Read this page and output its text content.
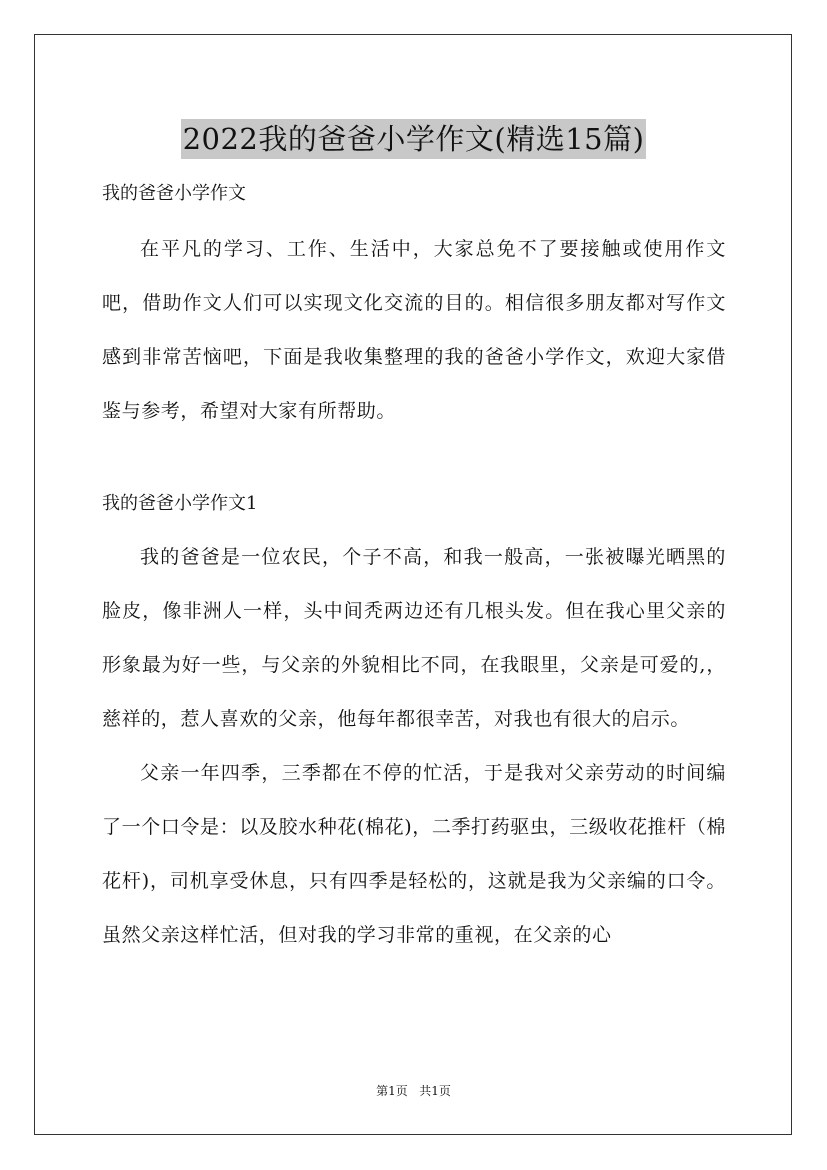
2022我的爸爸小学作文(精选15篇)

我的爸爸小学作文

在平凡的学习、工作、生活中，大家总免不了要接触或使用作文吧，借助作文人们可以实现文化交流的目的。相信很多朋友都对写作文感到非常苦恼吧，下面是我收集整理的我的爸爸小学作文，欢迎大家借鉴与参考，希望对大家有所帮助。

我的爸爸小学作文1

我的爸爸是一位农民，个子不高，和我一般高，一张被曝光晒黑的脸皮，像非洲人一样，头中间秃两边还有几根头发。但在我心里父亲的形象最为好一些，与父亲的外貌相比不同，在我眼里，父亲是可爱的,，慈祥的，惹人喜欢的父亲，他每年都很幸苦，对我也有很大的启示。

父亲一年四季，三季都在不停的忙活，于是我对父亲劳动的时间编了一个口令是：以及胶水种花(棉花)，二季打药驱虫，三级收花推杆（棉花杆)，司机享受休息，只有四季是轻松的，这就是我为父亲编的口令。虽然父亲这样忙活，但对我的学习非常的重视，在父亲的心

第1页 共1页
